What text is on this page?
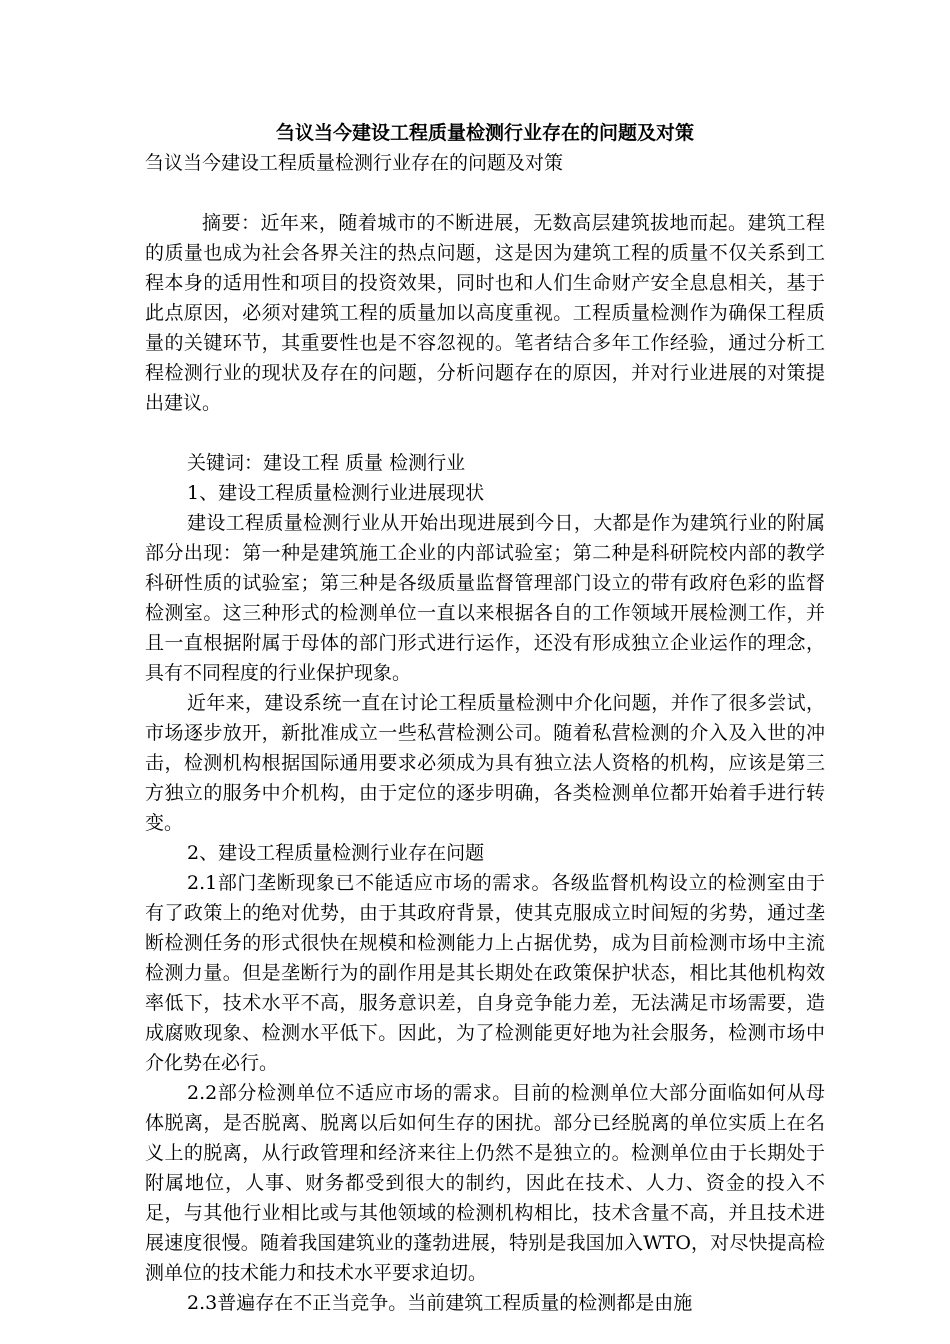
刍议当今建设工程质量检测行业存在的问题及对策

刍议当今建设工程质量检测行业存在的问题及对策

摘要：近年来，随着城市的不断进展，无数高层建筑拔地而起。建筑工程的质量也成为社会各界关注的热点问题，这是因为建筑工程的质量不仅关系到工程本身的适用性和项目的投资效果，同时也和人们生命财产安全息息相关，基于此点原因，必须对建筑工程的质量加以高度重视。工程质量检测作为确保工程质量的关键环节，其重要性也是不容忽视的。笔者结合多年工作经验，通过分析工程检测行业的现状及存在的问题，分析问题存在的原因，并对行业进展的对策提出建议。

关键词：建设工程 质量 检测行业

1、建设工程质量检测行业进展现状

建设工程质量检测行业从开始出现进展到今日，大都是作为建筑行业的附属部分出现：第一种是建筑施工企业的内部试验室；第二种是科研院校内部的教学科研性质的试验室；第三种是各级质量监督管理部门设立的带有政府色彩的监督检测室。这三种形式的检测单位一直以来根据各自的工作领域开展检测工作，并且一直根据附属于母体的部门形式进行运作，还没有形成独立企业运作的理念，具有不同程度的行业保护现象。

近年来，建设系统一直在讨论工程质量检测中介化问题，并作了很多尝试，市场逐步放开，新批准成立一些私营检测公司。随着私营检测的介入及入世的冲击，检测机构根据国际通用要求必须成为具有独立法人资格的机构，应该是第三方独立的服务中介机构，由于定位的逐步明确，各类检测单位都开始着手进行转变。

2、建设工程质量检测行业存在问题

2.1部门垄断现象已不能适应市场的需求。各级监督机构设立的检测室由于有了政策上的绝对优势，由于其政府背景，使其克服成立时间短的劣势，通过垄断检测任务的形式很快在规模和检测能力上占据优势，成为目前检测市场中主流检测力量。但是垄断行为的副作用是其长期处在政策保护状态，相比其他机构效率低下，技术水平不高，服务意识差，自身竞争能力差，无法满足市场需要，造成腐败现象、检测水平低下。因此，为了检测能更好地为社会服务，检测市场中介化势在必行。

2.2部分检测单位不适应市场的需求。目前的检测单位大部分面临如何从母体脱离，是否脱离、脱离以后如何生存的困扰。部分已经脱离的单位实质上在名义上的脱离，从行政管理和经济来往上仍然不是独立的。检测单位由于长期处于附属地位，人事、财务都受到很大的制约，因此在技术、人力、资金的投入不足，与其他行业相比或与其他领域的检测机构相比，技术含量不高，并且技术进展速度很慢。随着我国建筑业的蓬勃进展，特别是我国加入WTO，对尽快提高检测单位的技术能力和技术水平要求迫切。

2.3普遍存在不正当竞争。当前建筑工程质量的检测都是由施
